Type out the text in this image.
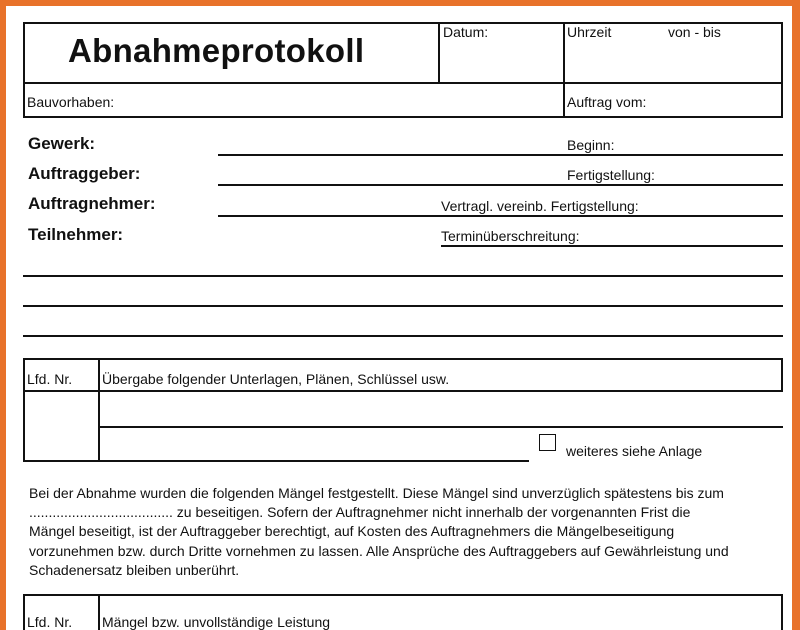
Abnahmeprotokoll	Datum:	Uhrzeit	von - bis
Bauvorhaben:	Auftrag vom:
Gewerk:
Auftraggeber:
Auftragnehmer:
Teilnehmer:
Beginn:
Fertigstellung:
Vertragl. vereinb. Fertigstellung:
Terminüberschreitung:
Lfd. Nr. Übergabe folgender Unterlagen, Plänen, Schlüssel usw.
weiteres siehe Anlage
Bei der Abnahme wurden die folgenden Mängel festgestellt. Diese Mängel sind unverzüglich spätestens bis zum
..................................... zu beseitigen. Sofern der Auftragnehmer nicht innerhalb der vorgenannten Frist die
Mängel beseitigt, ist der Auftraggeber berechtigt, auf Kosten des Auftragnehmers die Mängelbeseitigung
vorzunehmen bzw. durch Dritte vornehmen zu lassen. Alle Ansprüche des Auftraggebers auf Gewährleistung und
Schadenersatz bleiben unberührt.
Lfd. Nr. Mängel bzw. unvollständige Leistung
